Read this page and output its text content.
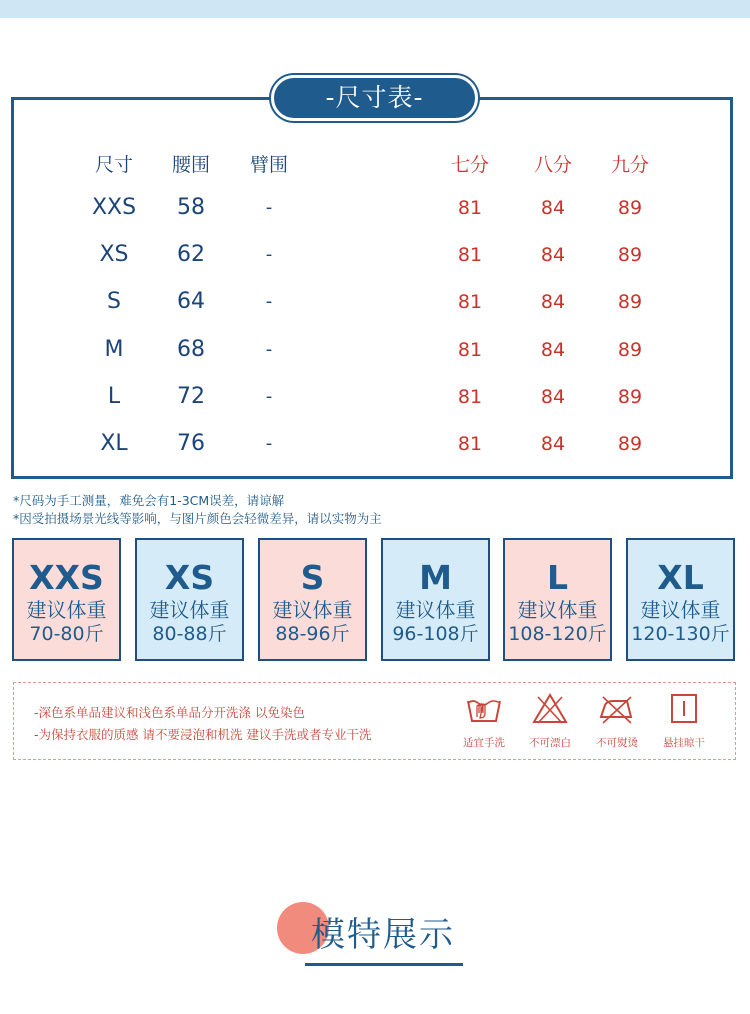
-尺寸表-
尺寸 腰围 臂围	七分 八分 九分
XXS 58	-	81	84	89
XS 62	-	81	84	89
S	64	-	81	84	89
M 68	-	81	84	89
L	72	-	81	84	89
XL 76	-	81	84	89
*尺码为手工测量，难免会有1-3CM误差，请谅解
*因受拍摄场景光线等影响，与图片颜色会轻微差异，请以实物为主
XXS
建议体重
70-80斤
XS
建议体重
80-88斤
S
建议体重
88-96斤
M
建议体重
96-108斤
L
建议体重
108-120斤
XL
建议体重
120-130斤
-深色系单品建议和浅色系单品分开洗涤 以免染色
-为保持衣服的质感 请不要浸泡和机洗 建议手洗或者专业干洗
适宜手洗 不可漂白 不可熨烫 悬挂晾干
模特展示
